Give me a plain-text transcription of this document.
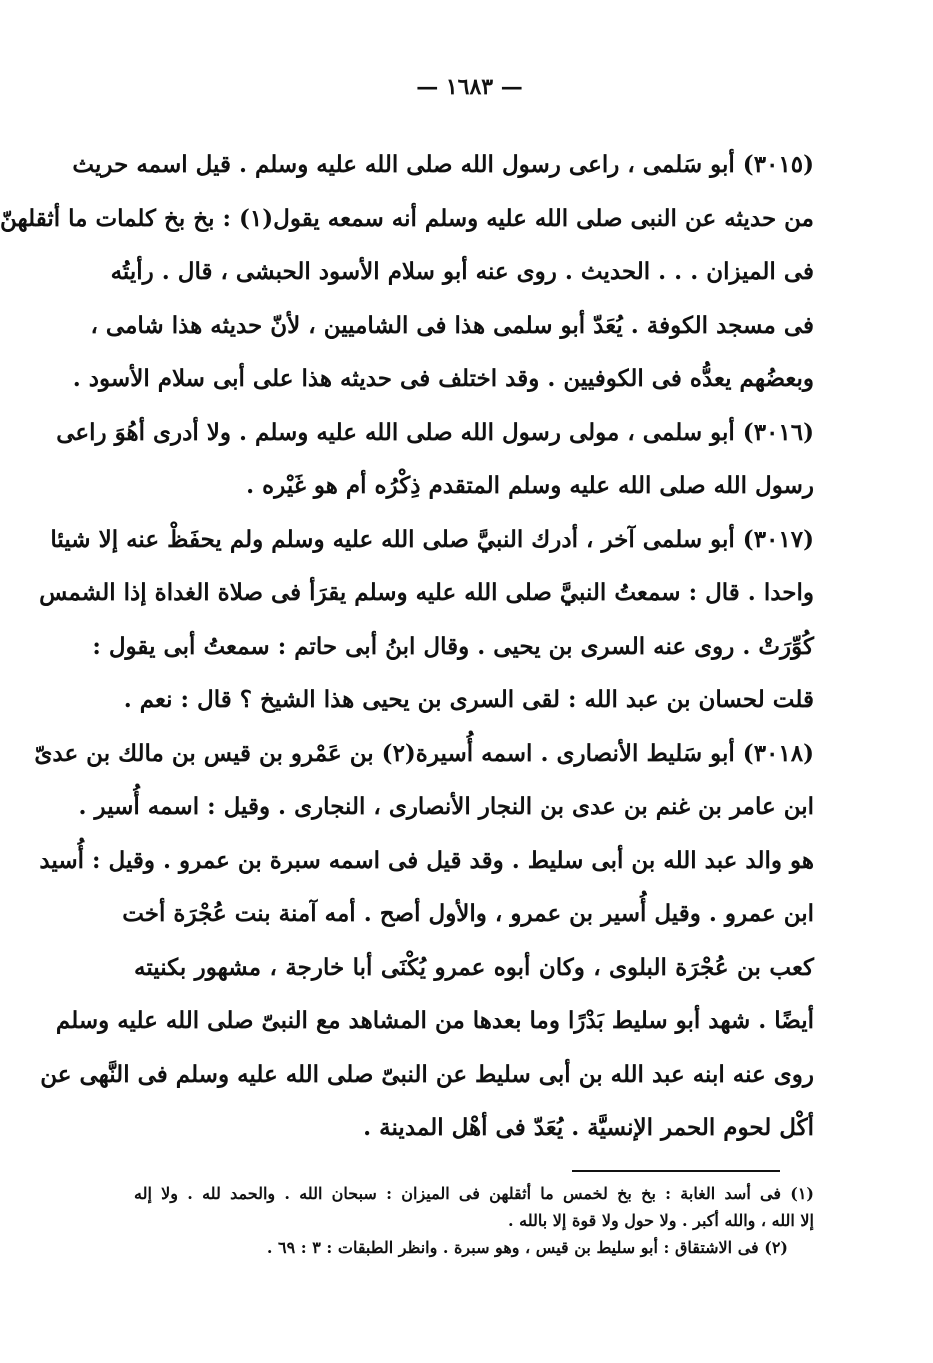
— ١٦٨٣ —
(٣٠١٥) أبو سَلمى ، راعى رسول الله صلى الله عليه وسلم . قيل اسمه حريث
من حديثه عن النبى صلى الله عليه وسلم أنه سمعه يقول(١) : بخ بخ كلمات ما أثقلهنّ
فى الميزان . . . الحديث . روى عنه أبو سلام الأسود الحبشى ، قال . رأيتُه
فى مسجد الكوفة . يُعَدّ أبو سلمى هذا فى الشاميين ، لأنّ حديثه هذا شامى ،
وبعضُهم يعدُّه فى الكوفيين . وقد اختلف فى حديثه هذا على أبى سلام الأسود .
(٣٠١٦) أبو سلمى ، مولى رسول الله صلى الله عليه وسلم . ولا أدرى أهُوَ راعى
رسول الله صلى الله عليه وسلم المتقدم ذِكْرُه أم هو غَيْره .
(٣٠١٧) أبو سلمى آخر ، أدرك النبيَّ صلى الله عليه وسلم ولم يحفَظْ عنه إلا شيئا
واحدا . قال : سمعتُ النبيَّ صلى الله عليه وسلم يقرَأ فى صلاة الغداة إذا الشمس
كُوِّرَتْ . روى عنه السرى بن يحيى . وقال ابنُ أبى حاتم : سمعتُ أبى يقول :
قلت لحسان بن عبد الله : لقى السرى بن يحيى هذا الشيخ ؟ قال : نعم .
(٣٠١٨) أبو سَليط الأنصارى . اسمه أُسيرة(٢) بن عَمْرو بن قيس بن مالك بن عدىّ
ابن عامر بن غنم بن عدى بن النجار الأنصارى ، النجارى . وقيل : اسمه أُسير .
هو والد عبد الله بن أبى سليط . وقد قيل فى اسمه سبرة بن عمرو . وقيل : أُسيد
ابن عمرو . وقيل أُسير بن عمرو ، والأول أصح . أمه آمنة بنت عُجْرَة أخت
كعب بن عُجْرَة البلوى ، وكان أبوه عمرو يُكْنَى أبا خارجة ، مشهور بكنيته
أيضًا . شهد أبو سليط بَدْرًا وما بعدها من المشاهد مع النبىّ صلى الله عليه وسلم
روى عنه ابنه عبد الله بن أبى سليط عن النبىّ صلى الله عليه وسلم فى النَّهى عن
أكْل لحوم الحمر الإنسيَّة . يُعَدّ فى أهْل المدينة .
(١) فى أسد الغابة : بخ بخ لخمس ما أثقلهن فى الميزان : سبحان الله . والحمد لله . ولا إله
إلا الله ، والله أكبر . ولا حول ولا قوة إلا بالله .
(٢) فى الاشتقاق : أبو سليط بن قيس ، وهو سبرة . وانظر الطبقات : ٣ : ٦٩ .
